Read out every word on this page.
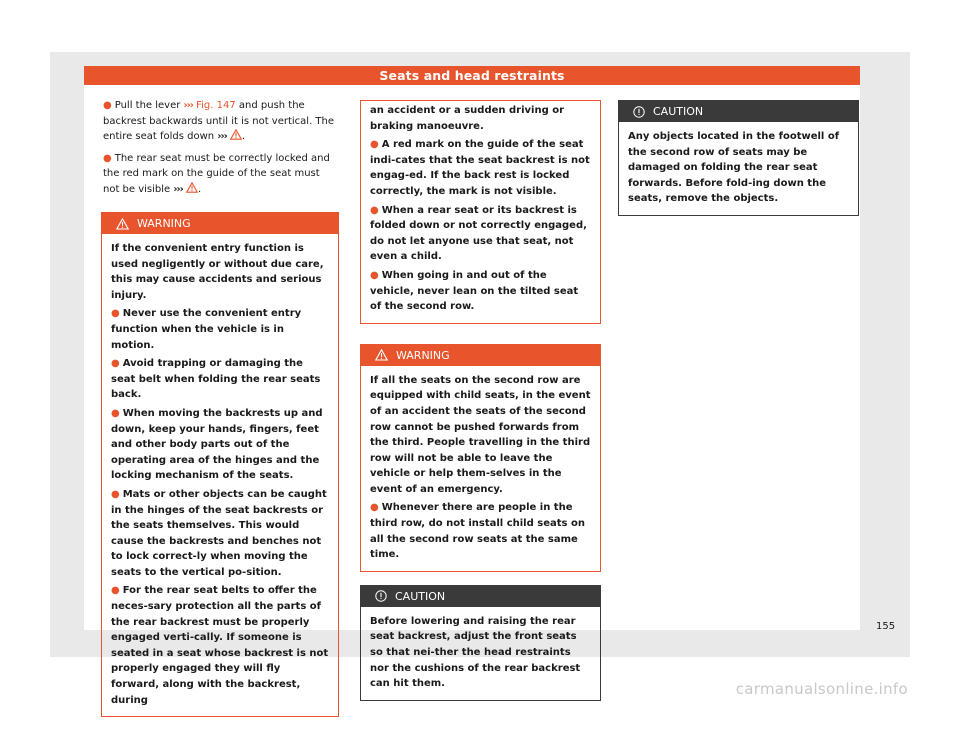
Seats and head restraints

● Pull the lever ››› Fig. 147 and push the backrest backwards until it is not vertical. The entire seat folds down ››› .

● The rear seat must be correctly locked and the red mark on the guide of the seat must not be visible ››› .

WARNING

If the convenient entry function is used negligently or without due care, this may cause accidents and serious injury.

● Never use the convenient entry function when the vehicle is in motion.

● Avoid trapping or damaging the seat belt when folding the rear seats back.

● When moving the backrests up and down, keep your hands, fingers, feet and other body parts out of the operating area of the hinges and the locking mechanism of the seats.

● Mats or other objects can be caught in the hinges of the seat backrests or the seats themselves. This would cause the backrests and benches not to lock correct-ly when moving the seats to the vertical po-sition.

● For the rear seat belts to offer the neces-sary protection all the parts of the rear backrest must be properly engaged verti-cally. If someone is seated in a seat whose backrest is not properly engaged they will fly forward, along with the backrest, during

an accident or a sudden driving or braking manoeuvre.

● A red mark on the guide of the seat indi-cates that the seat backrest is not engag-ed. If the back rest is locked correctly, the mark is not visible.

● When a rear seat or its backrest is folded down or not correctly engaged, do not let anyone use that seat, not even a child.

● When going in and out of the vehicle, never lean on the tilted seat of the second row.

WARNING

If all the seats on the second row are equipped with child seats, in the event of an accident the seats of the second row cannot be pushed forwards from the third. People travelling in the third row will not be able to leave the vehicle or help them-selves in the event of an emergency.

● Whenever there are people in the third row, do not install child seats on all the second row seats at the same time.

CAUTION

Before lowering and raising the rear seat backrest, adjust the front seats so that nei-ther the head restraints nor the cushions of the rear backrest can hit them.

CAUTION

Any objects located in the footwell of the second row of seats may be damaged on folding the rear seat forwards. Before fold-ing down the seats, remove the objects.

155
carmanualsonline.info
